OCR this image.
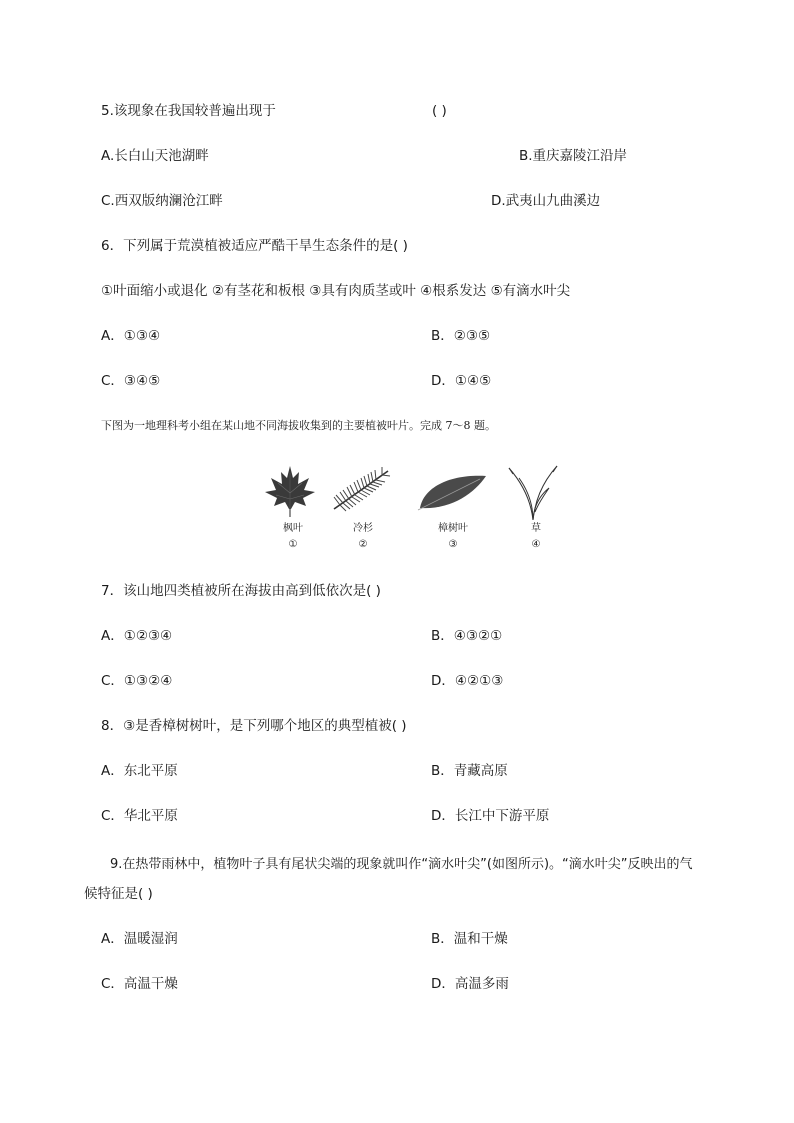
5.该现象在我国较普遍出现于	( )
A.长白山天池湖畔	B.重庆嘉陵江沿岸
C.西双版纳澜沧江畔	D.武夷山九曲溪边
6．下列属于荒漠植被适应严酷干旱生态条件的是( )
①叶面缩小或退化 ②有茎花和板根 ③具有肉质茎或叶 ④根系发达 ⑤有滴水叶尖
A．①③④	B．②③⑤
C．③④⑤	D．①④⑤
下图为一地理科考小组在某山地不同海拔收集到的主要植被叶片。完成 7～8 题。
枫叶
①
冷杉
②
樟树叶
③
草
④
7．该山地四类植被所在海拔由高到低依次是( )
A．①②③④	B．④③②①
C．①③②④	D．④②①③
8．③是香樟树树叶，是下列哪个地区的典型植被( )
A．东北平原	B．青藏高原
C．华北平原	D．长江中下游平原
9.在热带雨林中，植物叶子具有尾状尖端的现象就叫作“滴水叶尖”(如图所示)。“滴水叶尖”反映出的气
候特征是( )
A．温暖湿润	B．温和干燥
C．高温干燥	D．高温多雨
